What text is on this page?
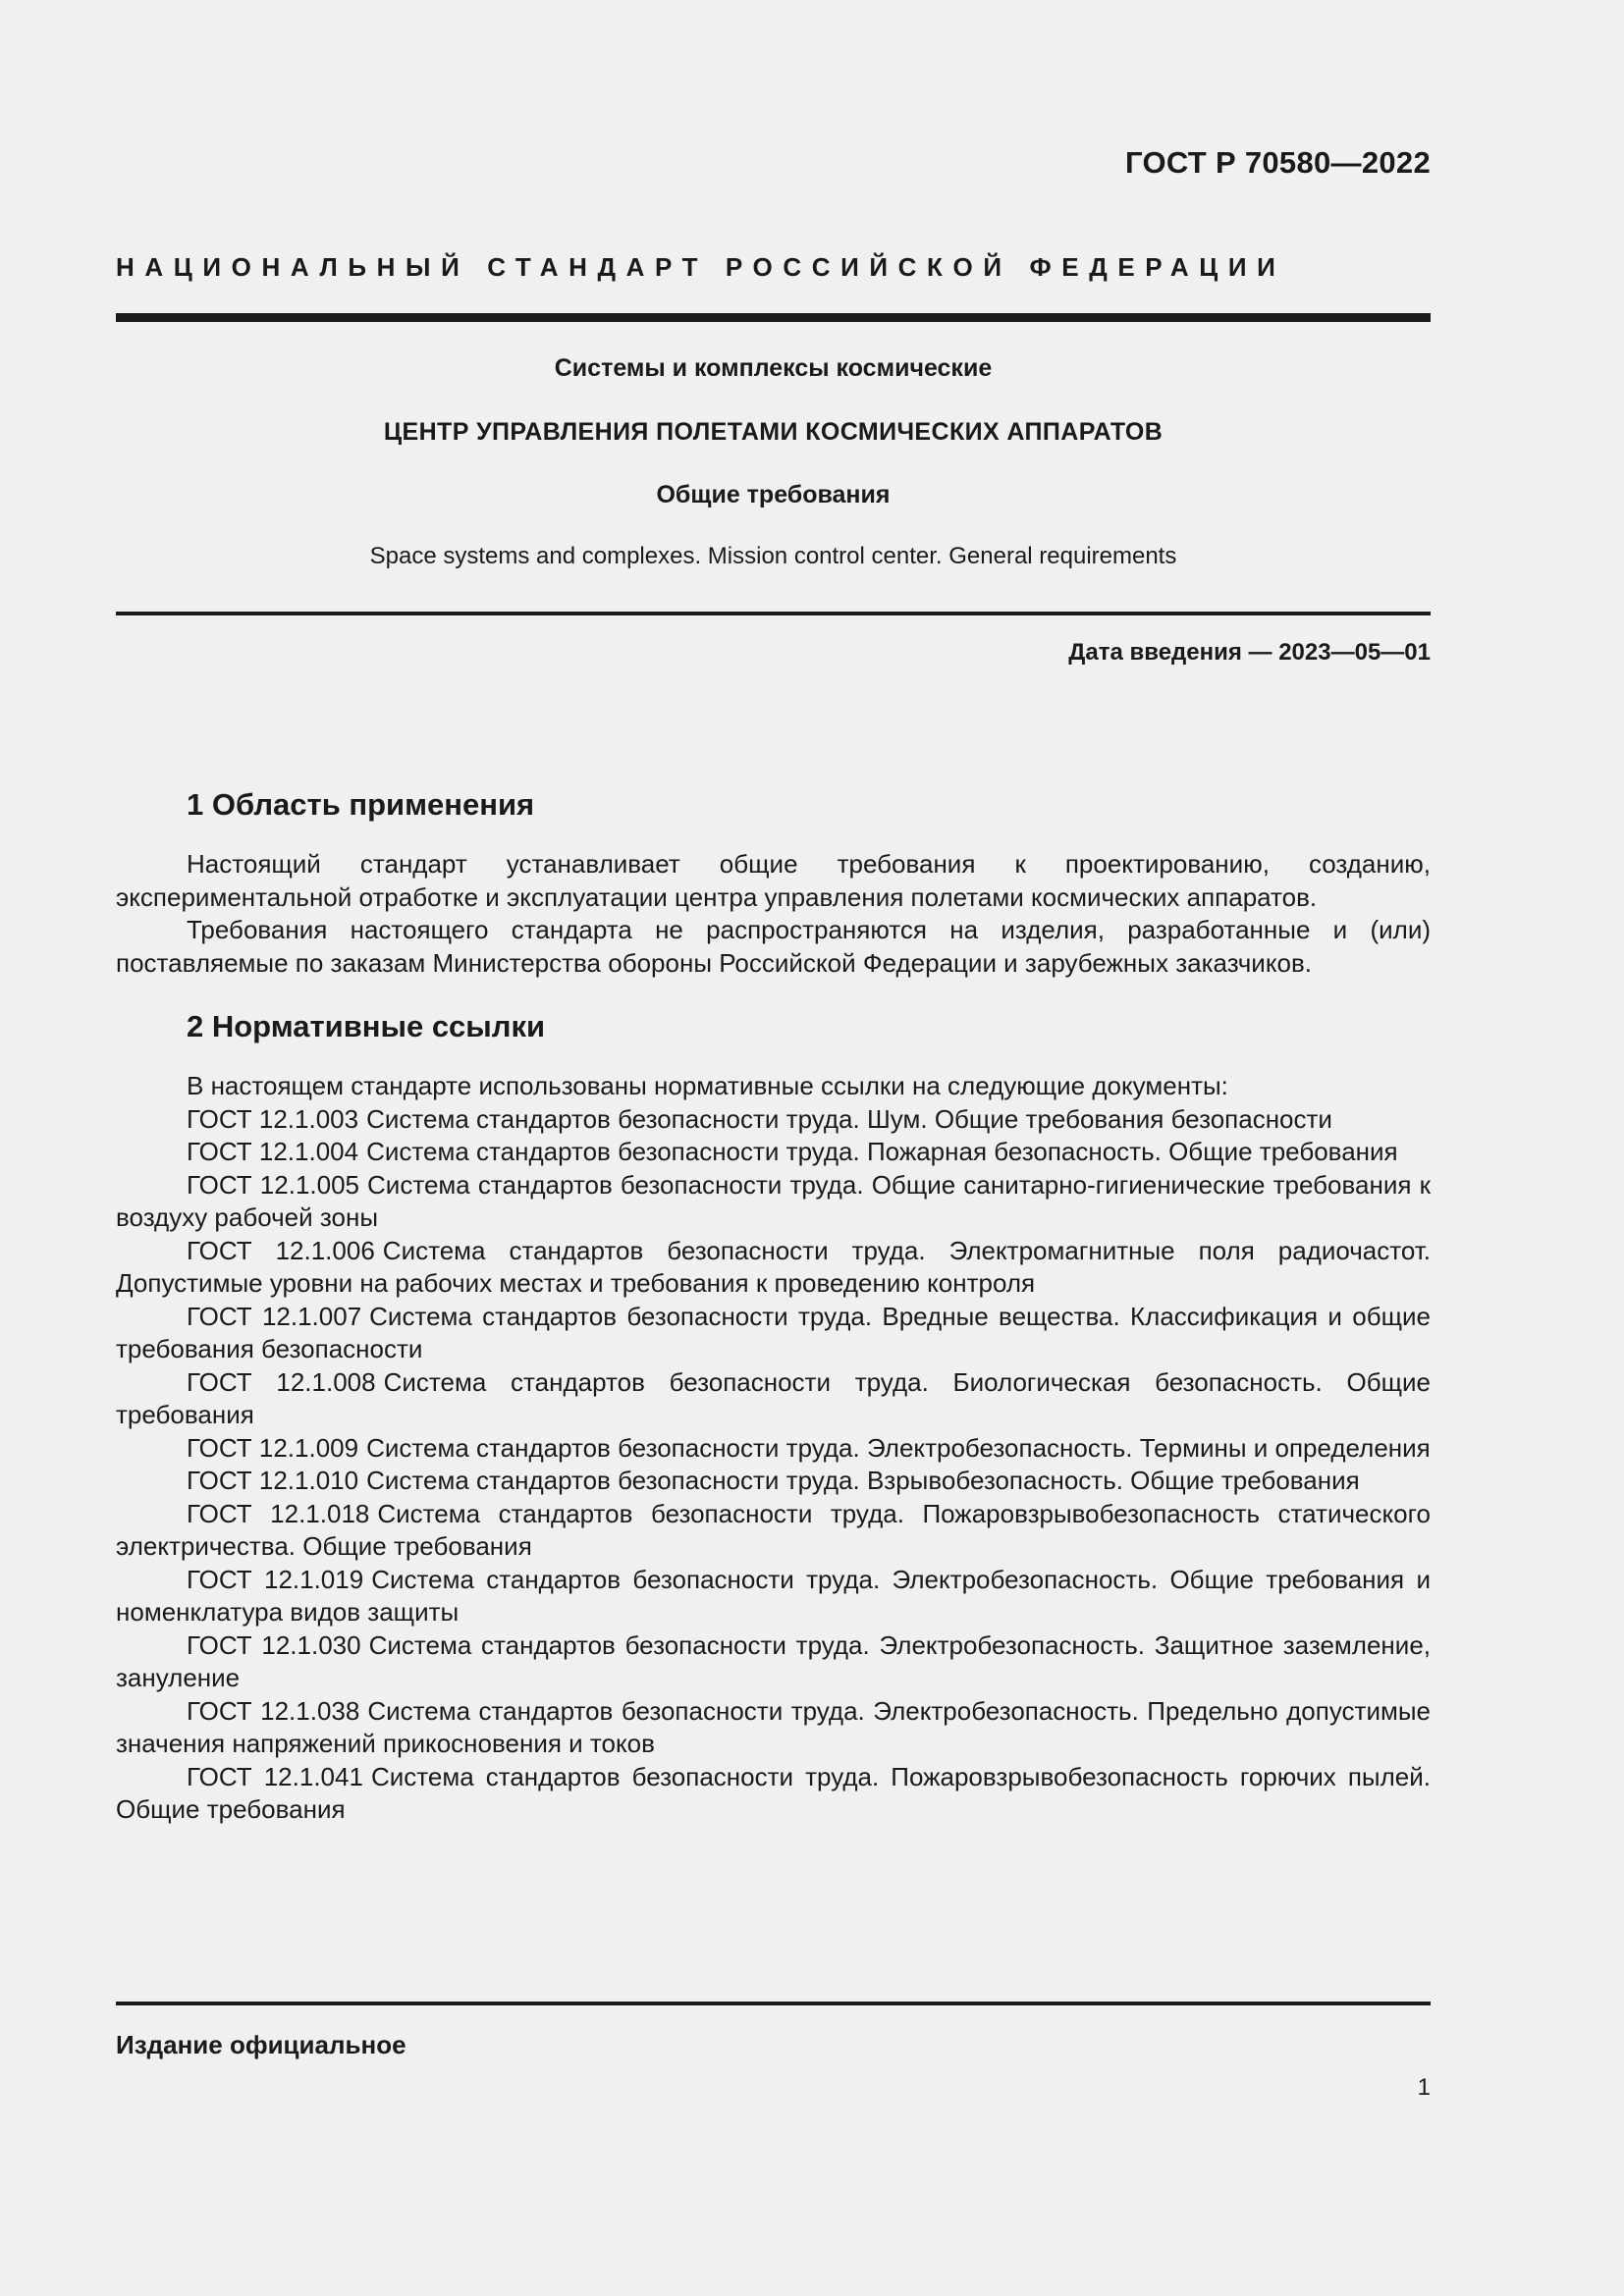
ГОСТ Р 70580—2022
НАЦИОНАЛЬНЫЙ СТАНДАРТ РОССИЙСКОЙ ФЕДЕРАЦИИ
Системы и комплексы космические
ЦЕНТР УПРАВЛЕНИЯ ПОЛЕТАМИ КОСМИЧЕСКИХ АППАРАТОВ
Общие требования
Space systems and complexes. Mission control center. General requirements
Дата введения — 2023—05—01
1 Область применения

Настоящий стандарт устанавливает общие требования к проектированию, созданию, экспериментальной отработке и эксплуатации центра управления полетами космических аппаратов.

Требования настоящего стандарта не распространяются на изделия, разработанные и (или) поставляемые по заказам Министерства обороны Российской Федерации и зарубежных заказчиков.

2 Нормативные ссылки

В настоящем стандарте использованы нормативные ссылки на следующие документы:

ГОСТ 12.1.003 Система стандартов безопасности труда. Шум. Общие требования безопасности

ГОСТ 12.1.004 Система стандартов безопасности труда. Пожарная безопасность. Общие требования

ГОСТ 12.1.005 Система стандартов безопасности труда. Общие санитарно-гигиенические требования к воздуху рабочей зоны

ГОСТ 12.1.006 Система стандартов безопасности труда. Электромагнитные поля радиочастот. Допустимые уровни на рабочих местах и требования к проведению контроля

ГОСТ 12.1.007 Система стандартов безопасности труда. Вредные вещества. Классификация и общие требования безопасности

ГОСТ 12.1.008 Система стандартов безопасности труда. Биологическая безопасность. Общие требования

ГОСТ 12.1.009 Система стандартов безопасности труда. Электробезопасность. Термины и определения

ГОСТ 12.1.010 Система стандартов безопасности труда. Взрывобезопасность. Общие требования

ГОСТ 12.1.018 Система стандартов безопасности труда. Пожаровзрывобезопасность статического электричества. Общие требования

ГОСТ 12.1.019 Система стандартов безопасности труда. Электробезопасность. Общие требования и номенклатура видов защиты

ГОСТ 12.1.030 Система стандартов безопасности труда. Электробезопасность. Защитное заземление, зануление

ГОСТ 12.1.038 Система стандартов безопасности труда. Электробезопасность. Предельно допустимые значения напряжений прикосновения и токов

ГОСТ 12.1.041 Система стандартов безопасности труда. Пожаровзрывобезопасность горючих пылей. Общие требования

Издание официальное
1
